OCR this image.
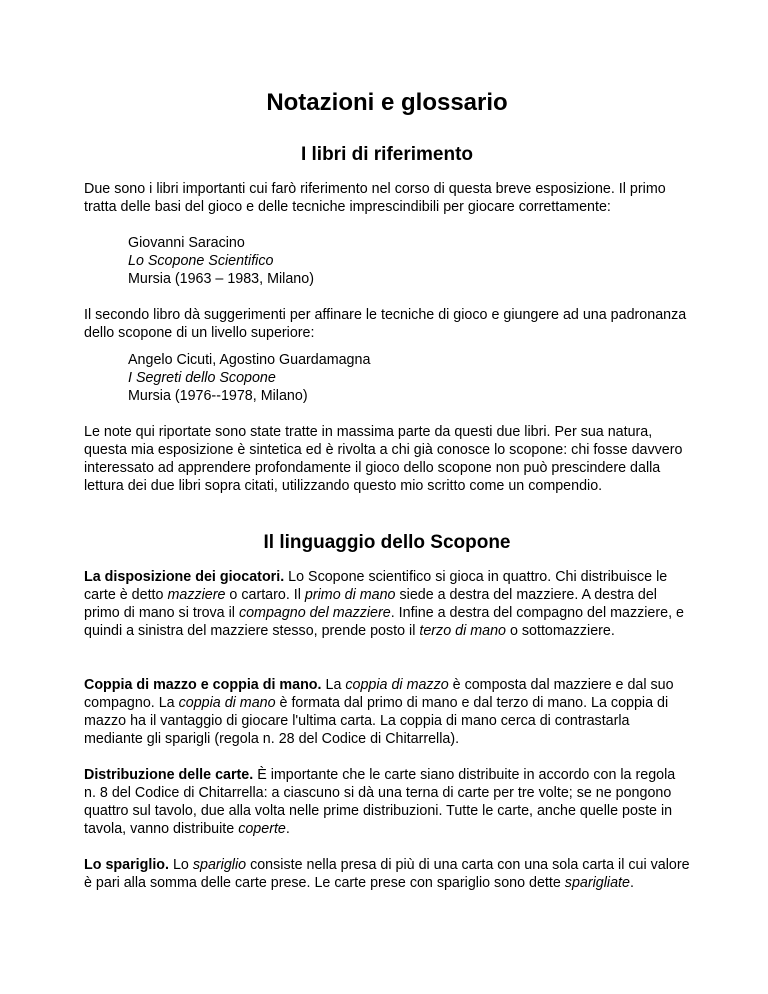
Notazioni e glossario
I libri di riferimento

Due sono i libri importanti cui farò riferimento nel corso di questa breve esposizione. Il primo tratta delle basi del gioco e delle tecniche imprescindibili per giocare correttamente:

Giovanni Saracino
Lo Scopone Scientifico
Mursia (1963 – 1983, Milano)

Il secondo libro dà suggerimenti per affinare le tecniche di gioco e giungere ad una padronanza dello scopone di un livello superiore:

Angelo Cicuti, Agostino Guardamagna
I Segreti dello Scopone
Mursia (1976--1978, Milano)

Le note qui riportate sono state tratte in massima parte da questi due libri. Per sua natura, questa mia esposizione è sintetica ed è rivolta a chi già conosce lo scopone: chi fosse davvero interessato ad apprendere profondamente il gioco dello scopone non può prescindere dalla lettura dei due libri sopra citati, utilizzando questo mio scritto come un compendio.

Il linguaggio dello Scopone

La disposizione dei giocatori. Lo Scopone scientifico si gioca in quattro. Chi distribuisce le carte è detto mazziere o cartaro. Il primo di mano siede a destra del mazziere. A destra del primo di mano si trova il compagno del mazziere. Infine a destra del compagno del mazziere, e quindi a sinistra del mazziere stesso, prende posto il terzo di mano o sottomazziere.

Coppia di mazzo e coppia di mano. La coppia di mazzo è composta dal mazziere e dal suo compagno. La coppia di mano è formata dal primo di mano e dal terzo di mano. La coppia di mazzo ha il vantaggio di giocare l'ultima carta. La coppia di mano cerca di contrastarla mediante gli sparigli (regola n. 28 del Codice di Chitarrella).

Distribuzione delle carte. È importante che le carte siano distribuite in accordo con la regola n. 8 del Codice di Chitarrella: a ciascuno si dà una terna di carte per tre volte; se ne pongono quattro sul tavolo, due alla volta nelle prime distribuzioni. Tutte le carte, anche quelle poste in tavola, vanno distribuite coperte.

Lo spariglio. Lo spariglio consiste nella presa di più di una carta con una sola carta il cui valore è pari alla somma delle carte prese. Le carte prese con spariglio sono dette sparigliate.
